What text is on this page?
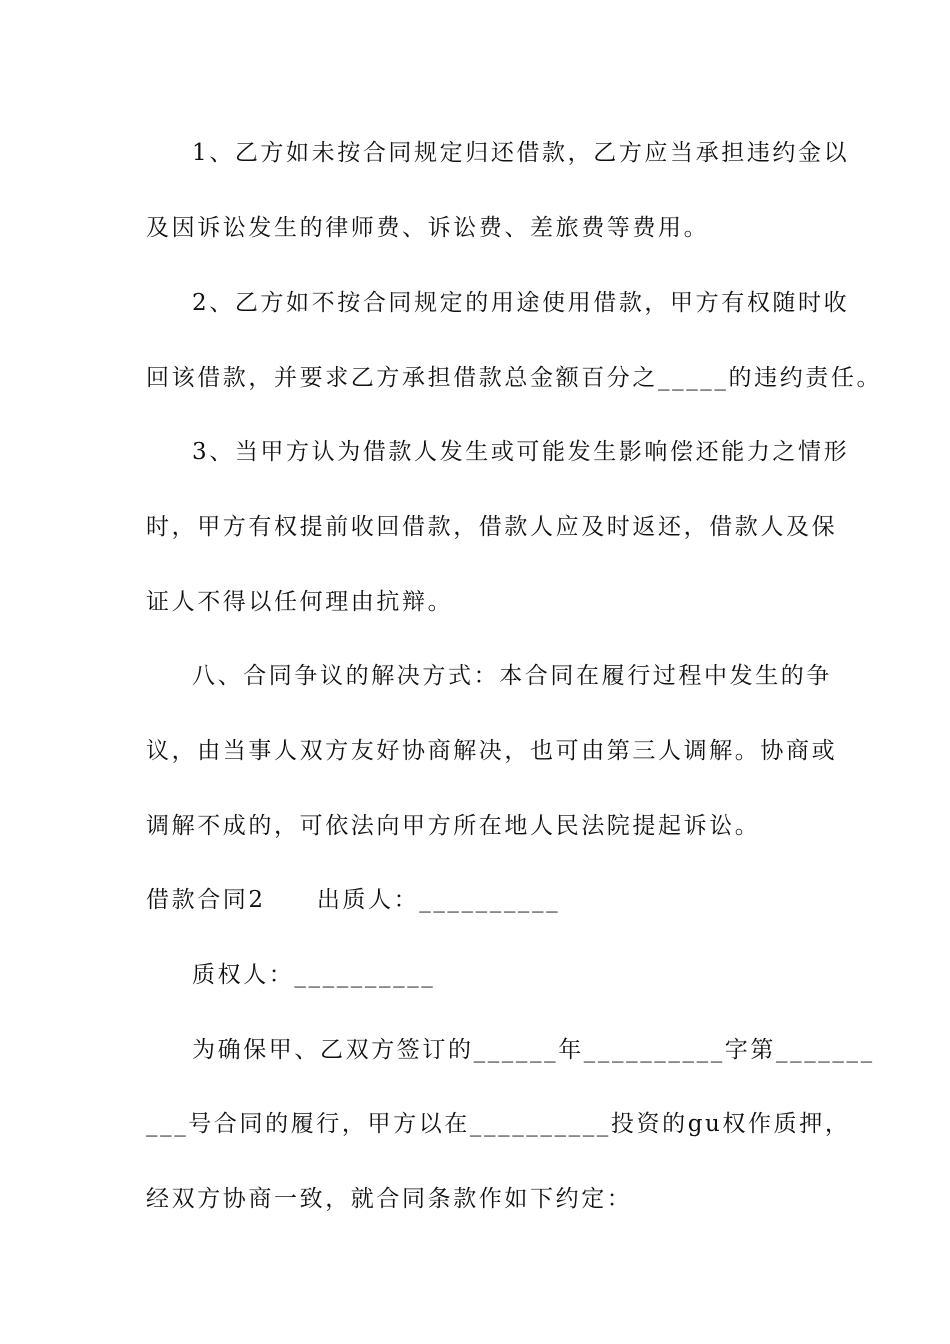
1、乙方如未按合同规定归还借款，乙方应当承担违约金以
及因诉讼发生的律师费、诉讼费、差旅费等费用。
2、乙方如不按合同规定的用途使用借款，甲方有权随时收
回该借款，并要求乙方承担借款总金额百分之_____的违约责任。
3、当甲方认为借款人发生或可能发生影响偿还能力之情形
时，甲方有权提前收回借款，借款人应及时返还，借款人及保
证人不得以任何理由抗辩。
八、合同争议的解决方式：本合同在履行过程中发生的争
议，由当事人双方友好协商解决，也可由第三人调解。协商或
调解不成的，可依法向甲方所在地人民法院提起诉讼。
借款合同2　　出质人：__________
质权人：__________
为确保甲、乙双方签订的______年__________字第_______
___号合同的履行，甲方以在__________投资的gu权作质押，
经双方协商一致，就合同条款作如下约定：
